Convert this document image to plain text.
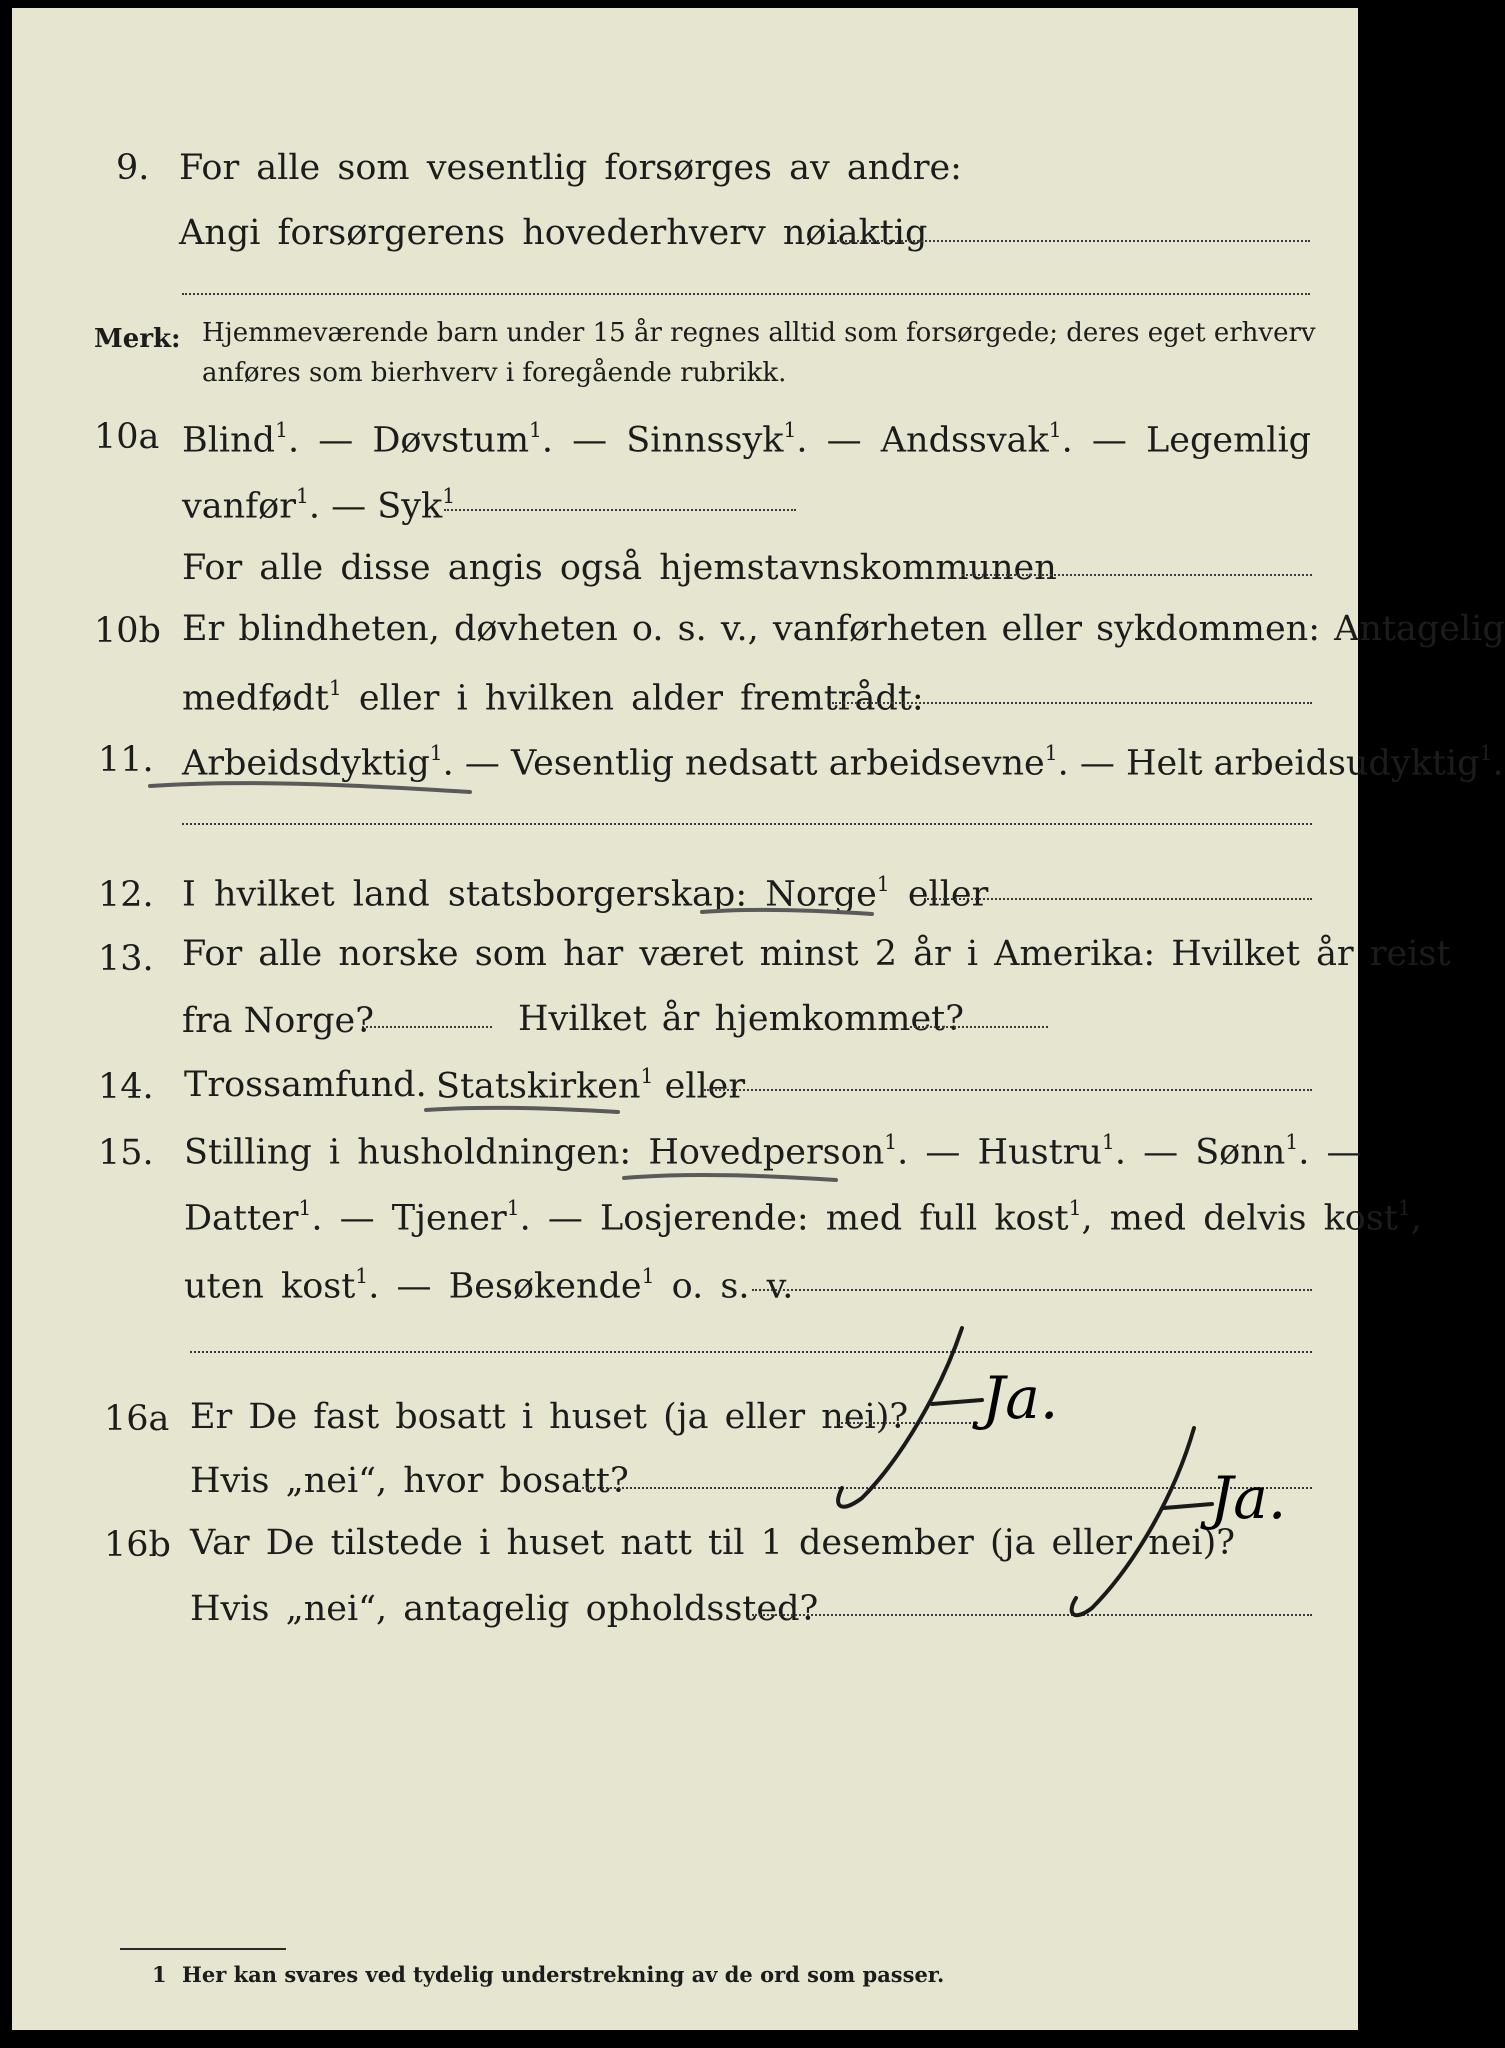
9. For alle som vesentlig forsørges av andre:
Angi forsørgerens hovederhverv nøiaktig
Merk: Hjemmeværende barn under 15 år regnes alltid som forsørgede; deres eget erhverv
anføres som bierhverv i foregående rubrikk.
10a Blind$^1$. — Døvstum$^1$. — Sinnssyk$^1$. — Andssvak$^1$. — Legemlig
vanfør$^1$. — Syk$^1$
For alle disse angis også hjemstavnskommunen
10b Er blindheten, døvheten o. s. v., vanførheten eller sykdommen: Antagelig
medfødt$^1$ eller i hvilken alder fremtrådt:
11. Arbeidsdyktig$^1$. — Vesentlig nedsatt arbeidsevne$^1$. — Helt arbeidsudyktig$^1$.
12. I hvilket land statsborgerskap: Norge$^1$ eller
13. For alle norske som har været minst 2 år i Amerika: Hvilket år reist
fra Norge?	Hvilket år hjemkommet?
14. Trossamfund. Statskirken$^1$ eller
15. Stilling i husholdningen: Hovedperson$^1$. — Hustru$^1$. — Sønn$^1$. —
Datter$^1$. — Tjener$^1$. — Losjerende: med full kost$^1$, med delvis kost$^1$,
uten kost$^1$. — Besøkende$^1$ o. s. v.
16a Er De fast bosatt i huset (ja eller nei)?
Hvis „nei“, hvor bosatt?
16b Var De tilstede i huset natt til 1 desember (ja eller nei)?
Hvis „nei“, antagelig opholdssted?
Ja.
Ja.
1 Her kan svares ved tydelig understrekning av de ord som passer.
